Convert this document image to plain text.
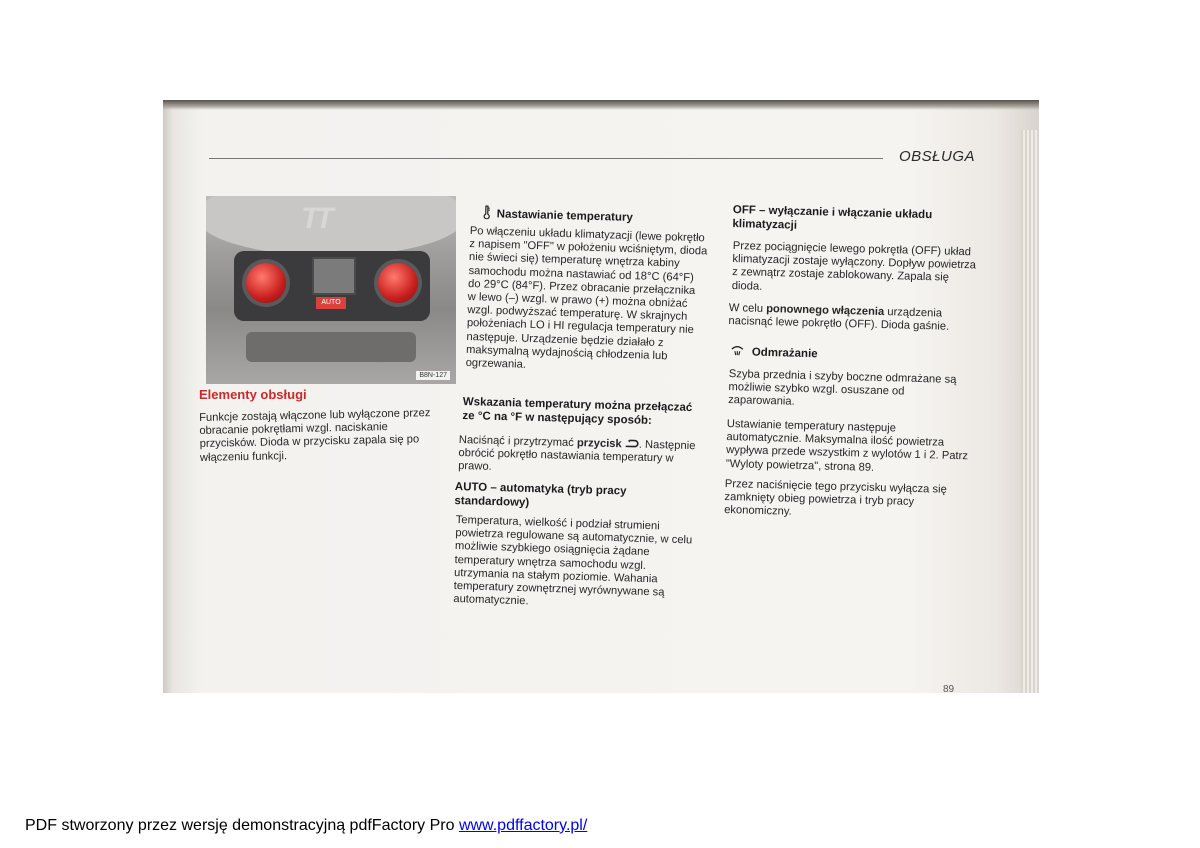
OBSŁUGA
TT
AUTO
B8N-127
Elementy obsługi

Funkcje zostają włączone lub wyłączone przez obracanie pokrętłami wzgl. naciskanie przycisków. Dioda w przycisku zapala się po włączeniu funkcji.

Nastawianie temperatury

Po włączeniu układu klimatyzacji (lewe pokrętło z napisem "OFF" w położeniu wciśniętym, dioda nie świeci się) temperaturę wnętrza kabiny samochodu można nastawiać od 18°C (64°F) do 29°C (84°F). Przez obracanie przełącznika w lewo (–) wzgl. w prawo (+) można obniżać wzgl. podwyższać temperaturę. W skrajnych położeniach LO i HI regulacja temperatury nie następuje. Urządzenie będzie działało z maksymalną wydajnością chłodzenia lub ogrzewania.

Wskazania temperatury można przełączać ze °C na °F w następujący sposób:

Naciśnąć i przytrzymać przycisk . Następnie obrócić pokrętło nastawiania temperatury w prawo.

AUTO – automatyka (tryb pracy standardowy)

Temperatura, wielkość i podział strumieni powietrza regulowane są automatycznie, w celu możliwie szybkiego osiągnięcia żądane temperatury wnętrza samochodu wzgl. utrzymania na stałym poziomie. Wahania temperatury zownętrznej wyrównywane są automatycznie.

OFF – wyłączanie i włączanie układu klimatyzacji

Przez pociągnięcie lewego pokrętła (OFF) układ klimatyzacji zostaje wyłączony. Dopływ powietrza z zewnątrz zostaje zablokowany. Zapala się dioda.

W celu ponownego włączenia urządzenia nacisnąć lewe pokrętło (OFF). Dioda gaśnie.

Odmrażanie

Szyba przednia i szyby boczne odmrażane są możliwie szybko wzgl. osuszane od zaparowania.

Ustawianie temperatury następuje automatycznie. Maksymalna ilość powietrza wypływa przede wszystkim z wylotów 1 i 2. Patrz "Wyloty powietrza", strona 89.

Przez naciśnięcie tego przycisku wyłącza się zamknięty obieg powietrza i tryb pracy ekonomiczny.

89
PDF stworzony przez wersję demonstracyjną pdfFactory Pro www.pdffactory.pl/
